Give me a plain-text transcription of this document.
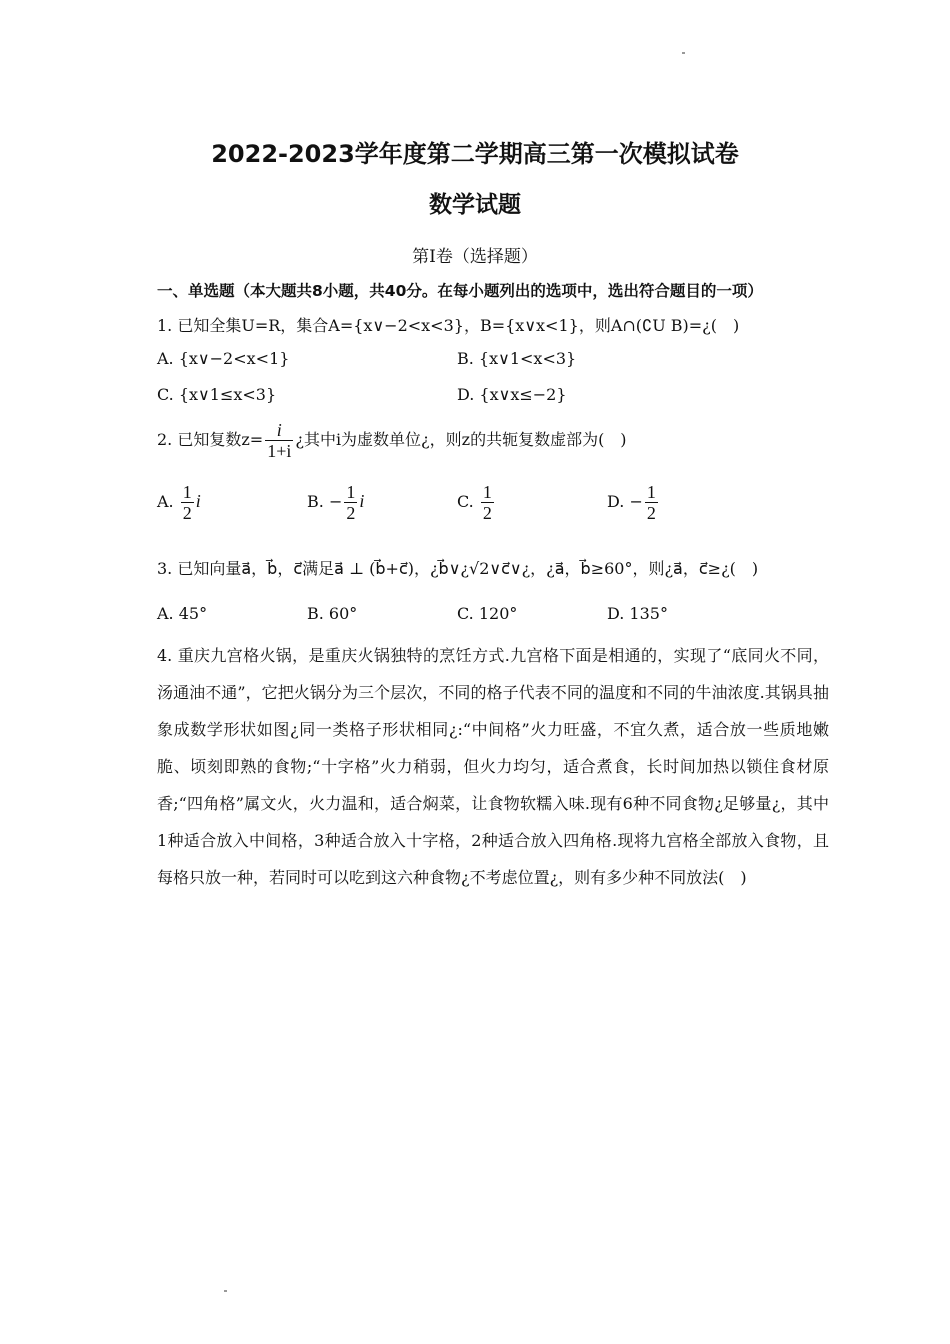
2022-2023学年度第二学期高三第一次模拟试卷
数学试题
第Ⅰ卷（选择题）
一、单选题（本大题共8小题，共40分。在每小题列出的选项中，选出符合题目的一项）
1. 已知全集U=R，集合A={x∨−2<x<3}，B={x∨x<1}，则A∩(∁U B)=¿(　)
A. {x∨−2<x<1}	B. {x∨1<x<3}
C. {x∨1≤x<3}	D. {x∨x≤−2}
2. 已知复数$z= \frac{i}{1+i}$ ¿其中i为虚数单位¿，则z的共轭复数虚部为(　)
A. $\frac{1}{2}$ i	B. − $\frac{1}{2}$ i	C. $\frac{1}{2}$	D. − $\frac{1}{2}$
3. 已知向量a⃗，b⃗，c⃗满足a⃗ ⊥ (b⃗+c⃗)，¿b⃗∨¿√2∨c⃗∨¿，¿a⃗，b⃗≥60°，则¿a⃗，c⃗≥¿(　)
A. 45°	B. 60°	C. 120°	D. 135°
4. 重庆九宫格火锅，是重庆火锅独特的烹饪方式.九宫格下面是相通的，实现了“底同火不同，汤通油不通”，它把火锅分为三个层次，不同的格子代表不同的温度和不同的牛油浓度.其锅具抽象成数学形状如图¿同一类格子形状相同¿:“中间格”火力旺盛，不宜久煮，适合放一些质地嫩脆、顷刻即熟的食物;“十字格”火力稍弱，但火力均匀，适合煮食，长时间加热以锁住食材原香;“四角格”属文火，火力温和，适合焖菜，让食物软糯入味.现有6种不同食物¿足够量¿，其中1种适合放入中间格，3种适合放入十字格，2种适合放入四角格.现将九宫格全部放入食物，且每格只放一种，若同时可以吃到这六种食物¿不考虑位置¿，则有多少种不同放法(　)
